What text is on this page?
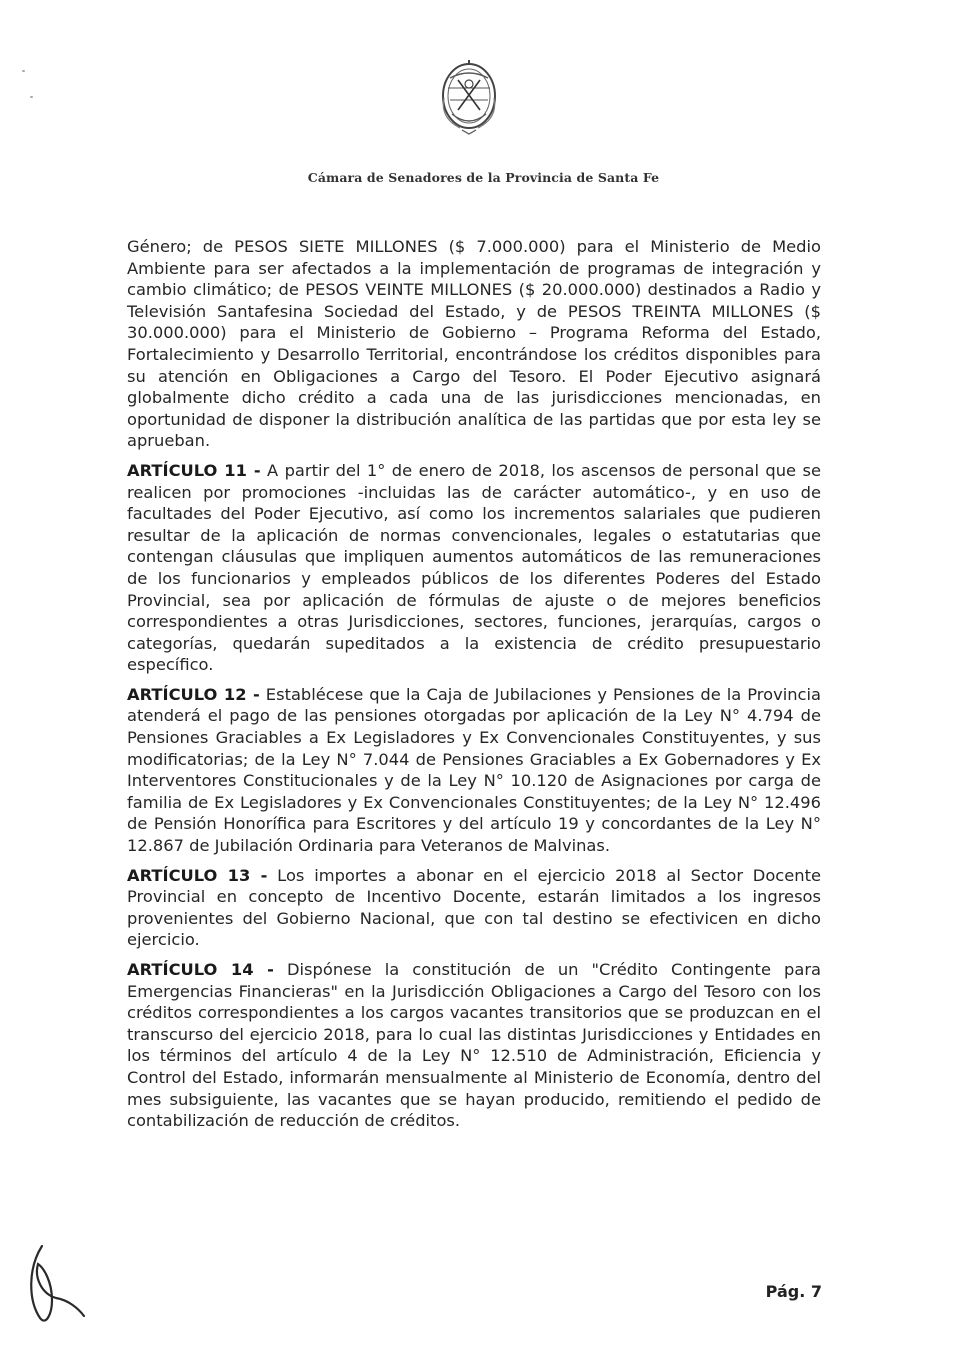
Cámara de Senadores de la Provincia de Santa Fe

Género; de PESOS SIETE MILLONES ($ 7.000.000) para el Ministerio de Medio Ambiente para ser afectados a la implementación de programas de integración y cambio climático; de PESOS VEINTE MILLONES ($ 20.000.000) destinados a Radio y Televisión Santafesina Sociedad del Estado, y de PESOS TREINTA MILLONES ($ 30.000.000) para el Ministerio de Gobierno – Programa Reforma del Estado, Fortalecimiento y Desarrollo Territorial, encontrándose los créditos disponibles para su atención en Obligaciones a Cargo del Tesoro. El Poder Ejecutivo asignará globalmente dicho crédito a cada una de las jurisdicciones mencionadas, en oportunidad de disponer la distribución analítica de las partidas que por esta ley se aprueban.

ARTÍCULO 11 - A partir del 1° de enero de 2018, los ascensos de personal que se realicen por promociones -incluidas las de carácter automático-, y en uso de facultades del Poder Ejecutivo, así como los incrementos salariales que pudieren resultar de la aplicación de normas convencionales, legales o estatutarias que contengan cláusulas que impliquen aumentos automáticos de las remuneraciones de los funcionarios y empleados públicos de los diferentes Poderes del Estado Provincial, sea por aplicación de fórmulas de ajuste o de mejores beneficios correspondientes a otras Jurisdicciones, sectores, funciones, jerarquías, cargos o categorías, quedarán supeditados a la existencia de crédito presupuestario específico.

ARTÍCULO 12 - Establécese que la Caja de Jubilaciones y Pensiones de la Provincia atenderá el pago de las pensiones otorgadas por aplicación de la Ley N° 4.794 de Pensiones Graciables a Ex Legisladores y Ex Convencionales Constituyentes, y sus modificatorias; de la Ley N° 7.044 de Pensiones Graciables a Ex Gobernadores y Ex Interventores Constitucionales y de la Ley N° 10.120 de Asignaciones por carga de familia de Ex Legisladores y Ex Convencionales Constituyentes; de la Ley N° 12.496 de Pensión Honorífica para Escritores y del artículo 19 y concordantes de la Ley N° 12.867 de Jubilación Ordinaria para Veteranos de Malvinas.

ARTÍCULO 13 - Los importes a abonar en el ejercicio 2018 al Sector Docente Provincial en concepto de Incentivo Docente, estarán limitados a los ingresos provenientes del Gobierno Nacional, que con tal destino se efectivicen en dicho ejercicio.

ARTÍCULO 14 - Dispónese la constitución de un "Crédito Contingente para Emergencias Financieras" en la Jurisdicción Obligaciones a Cargo del Tesoro con los créditos correspondientes a los cargos vacantes transitorios que se produzcan en el transcurso del ejercicio 2018, para lo cual las distintas Jurisdicciones y Entidades en los términos del artículo 4 de la Ley N° 12.510 de Administración, Eficiencia y Control del Estado, informarán mensualmente al Ministerio de Economía, dentro del mes subsiguiente, las vacantes que se hayan producido, remitiendo el pedido de contabilización de reducción de créditos.

Pág. 7
